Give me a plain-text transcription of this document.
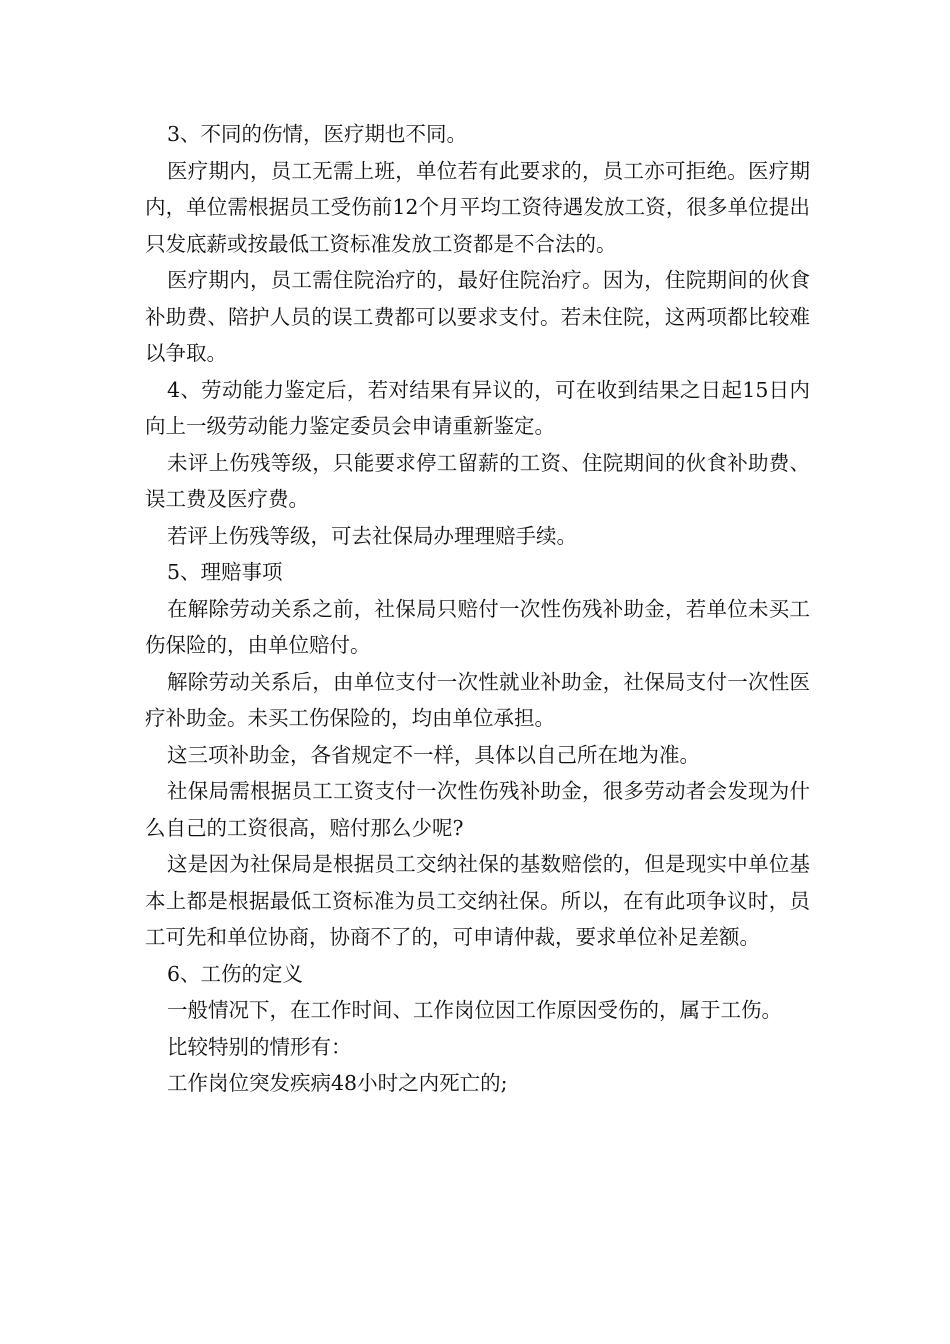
3、不同的伤情，医疗期也不同。

医疗期内，员工无需上班，单位若有此要求的，员工亦可拒绝。医疗期内，单位需根据员工受伤前12个月平均工资待遇发放工资，很多单位提出只发底薪或按最低工资标准发放工资都是不合法的。

医疗期内，员工需住院治疗的，最好住院治疗。因为，住院期间的伙食补助费、陪护人员的误工费都可以要求支付。若未住院，这两项都比较难以争取。

4、劳动能力鉴定后，若对结果有异议的，可在收到结果之日起15日内向上一级劳动能力鉴定委员会申请重新鉴定。

未评上伤残等级，只能要求停工留薪的工资、住院期间的伙食补助费、误工费及医疗费。

若评上伤残等级，可去社保局办理理赔手续。

5、理赔事项

在解除劳动关系之前，社保局只赔付一次性伤残补助金，若单位未买工伤保险的，由单位赔付。

解除劳动关系后，由单位支付一次性就业补助金，社保局支付一次性医疗补助金。未买工伤保险的，均由单位承担。

这三项补助金，各省规定不一样，具体以自己所在地为准。

社保局需根据员工工资支付一次性伤残补助金，很多劳动者会发现为什么自己的工资很高，赔付那么少呢?

这是因为社保局是根据员工交纳社保的基数赔偿的，但是现实中单位基本上都是根据最低工资标准为员工交纳社保。所以，在有此项争议时，员工可先和单位协商，协商不了的，可申请仲裁，要求单位补足差额。

6、工伤的定义

一般情况下，在工作时间、工作岗位因工作原因受伤的，属于工伤。

比较特别的情形有：

工作岗位突发疾病48小时之内死亡的;
